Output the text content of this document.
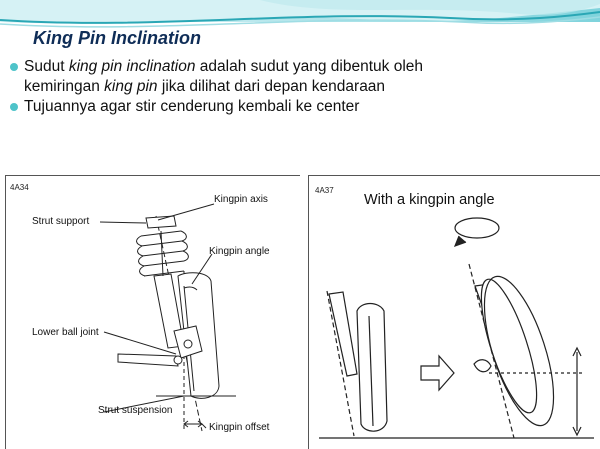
King Pin Inclination
Sudut king pin inclination adalah sudut yang dibentuk oleh
kemiringan king pin jika dilihat dari depan kendaraan
Tujuannya agar stir cenderung kembali ke center
4A34
Kingpin axis
Strut support
Kingpin angle
Lower ball joint
Strut suspension
Kingpin offset
4A37
With a kingpin angle
